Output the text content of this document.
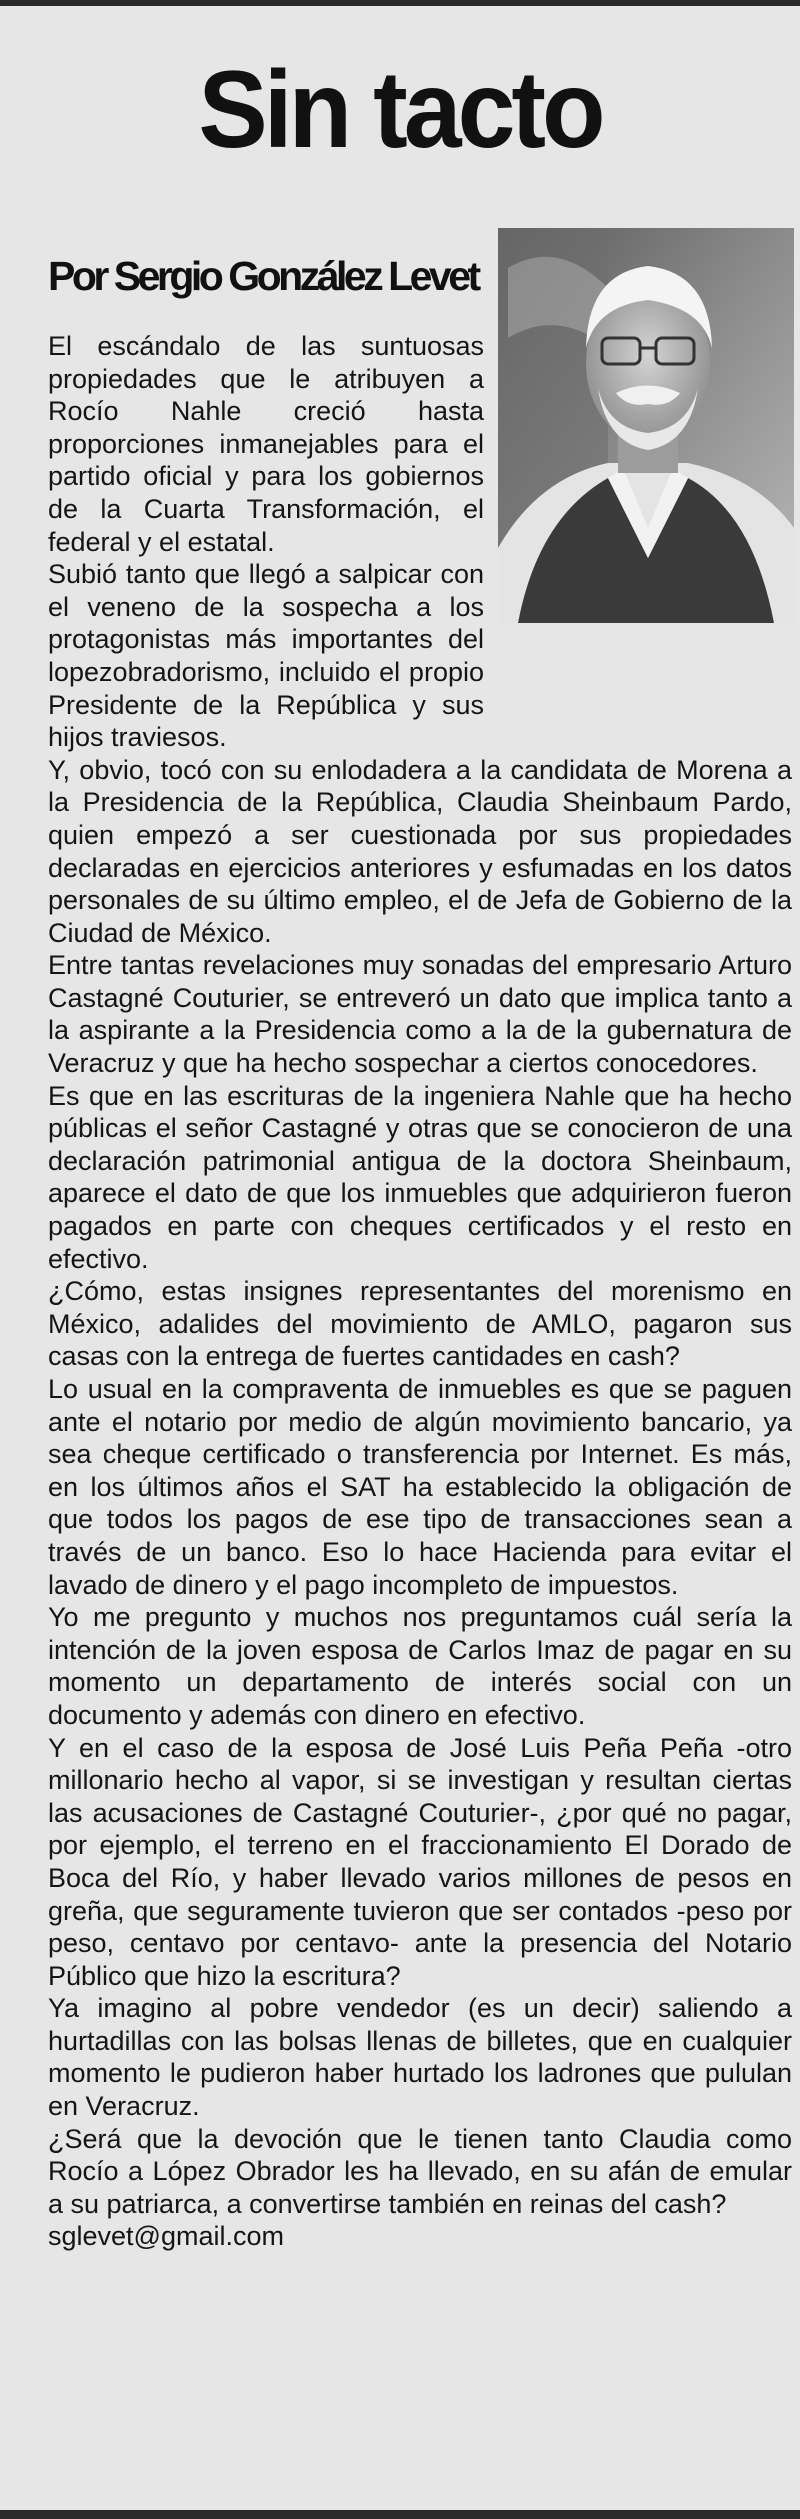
Sin tacto
Por Sergio González Levet

El escándalo de las suntuosas propiedades que le atribuyen a Rocío Nahle creció hasta proporciones inmanejables para el partido oficial y para los gobiernos de la Cuarta Transformación, el federal y el estatal.

Subió tanto que llegó a salpicar con el veneno de la sospecha a los protagonistas más importantes del lopezobradorismo, incluido el propio Presidente de la República y sus hijos traviesos.

Y, obvio, tocó con su enlodadera a la candidata de Morena a la Presidencia de la República, Claudia Sheinbaum Pardo, quien empezó a ser cuestionada por sus propiedades declaradas en ejercicios anteriores y esfumadas en los datos personales de su último empleo, el de Jefa de Gobierno de la Ciudad de México.

Entre tantas revelaciones muy sonadas del empresario Arturo Castagné Couturier, se entreveró un dato que implica tanto a la aspirante a la Presidencia como a la de la gubernatura de Veracruz y que ha hecho sospechar a ciertos conocedores.

Es que en las escrituras de la ingeniera Nahle que ha hecho públicas el señor Castagné y otras que se conocieron de una declaración patrimonial antigua de la doctora Sheinbaum, aparece el dato de que los inmuebles que adquirieron fueron pagados en parte con cheques certificados y el resto en efectivo.

¿Cómo, estas insignes representantes del morenismo en México, adalides del movimiento de AMLO, pagaron sus casas con la entrega de fuertes cantidades en cash?

Lo usual en la compraventa de inmuebles es que se paguen ante el notario por medio de algún movimiento bancario, ya sea cheque certificado o transferencia por Internet. Es más, en los últimos años el SAT ha establecido la obligación de que todos los pagos de ese tipo de transacciones sean a través de un banco. Eso lo hace Hacienda para evitar el lavado de dinero y el pago incompleto de impuestos.

Yo me pregunto y muchos nos preguntamos cuál sería la intención de la joven esposa de Carlos Imaz de pagar en su momento un departamento de interés social con un documento y además con dinero en efectivo.

Y en el caso de la esposa de José Luis Peña Peña -otro millonario hecho al vapor, si se investigan y resultan ciertas las acusaciones de Castagné Couturier-, ¿por qué no pagar, por ejemplo, el terreno en el fraccionamiento El Dorado de Boca del Río, y haber llevado varios millones de pesos en greña, que seguramente tuvieron que ser contados -peso por peso, centavo por centavo- ante la presencia del Notario Público que hizo la escritura?

Ya imagino al pobre vendedor (es un decir) saliendo a hurtadillas con las bolsas llenas de billetes, que en cualquier momento le pudieron haber hurtado los ladrones que pululan en Veracruz.

¿Será que la devoción que le tienen tanto Claudia como Rocío a López Obrador les ha llevado, en su afán de emular a su patriarca, a convertirse también en reinas del cash?

sglevet@gmail.com
